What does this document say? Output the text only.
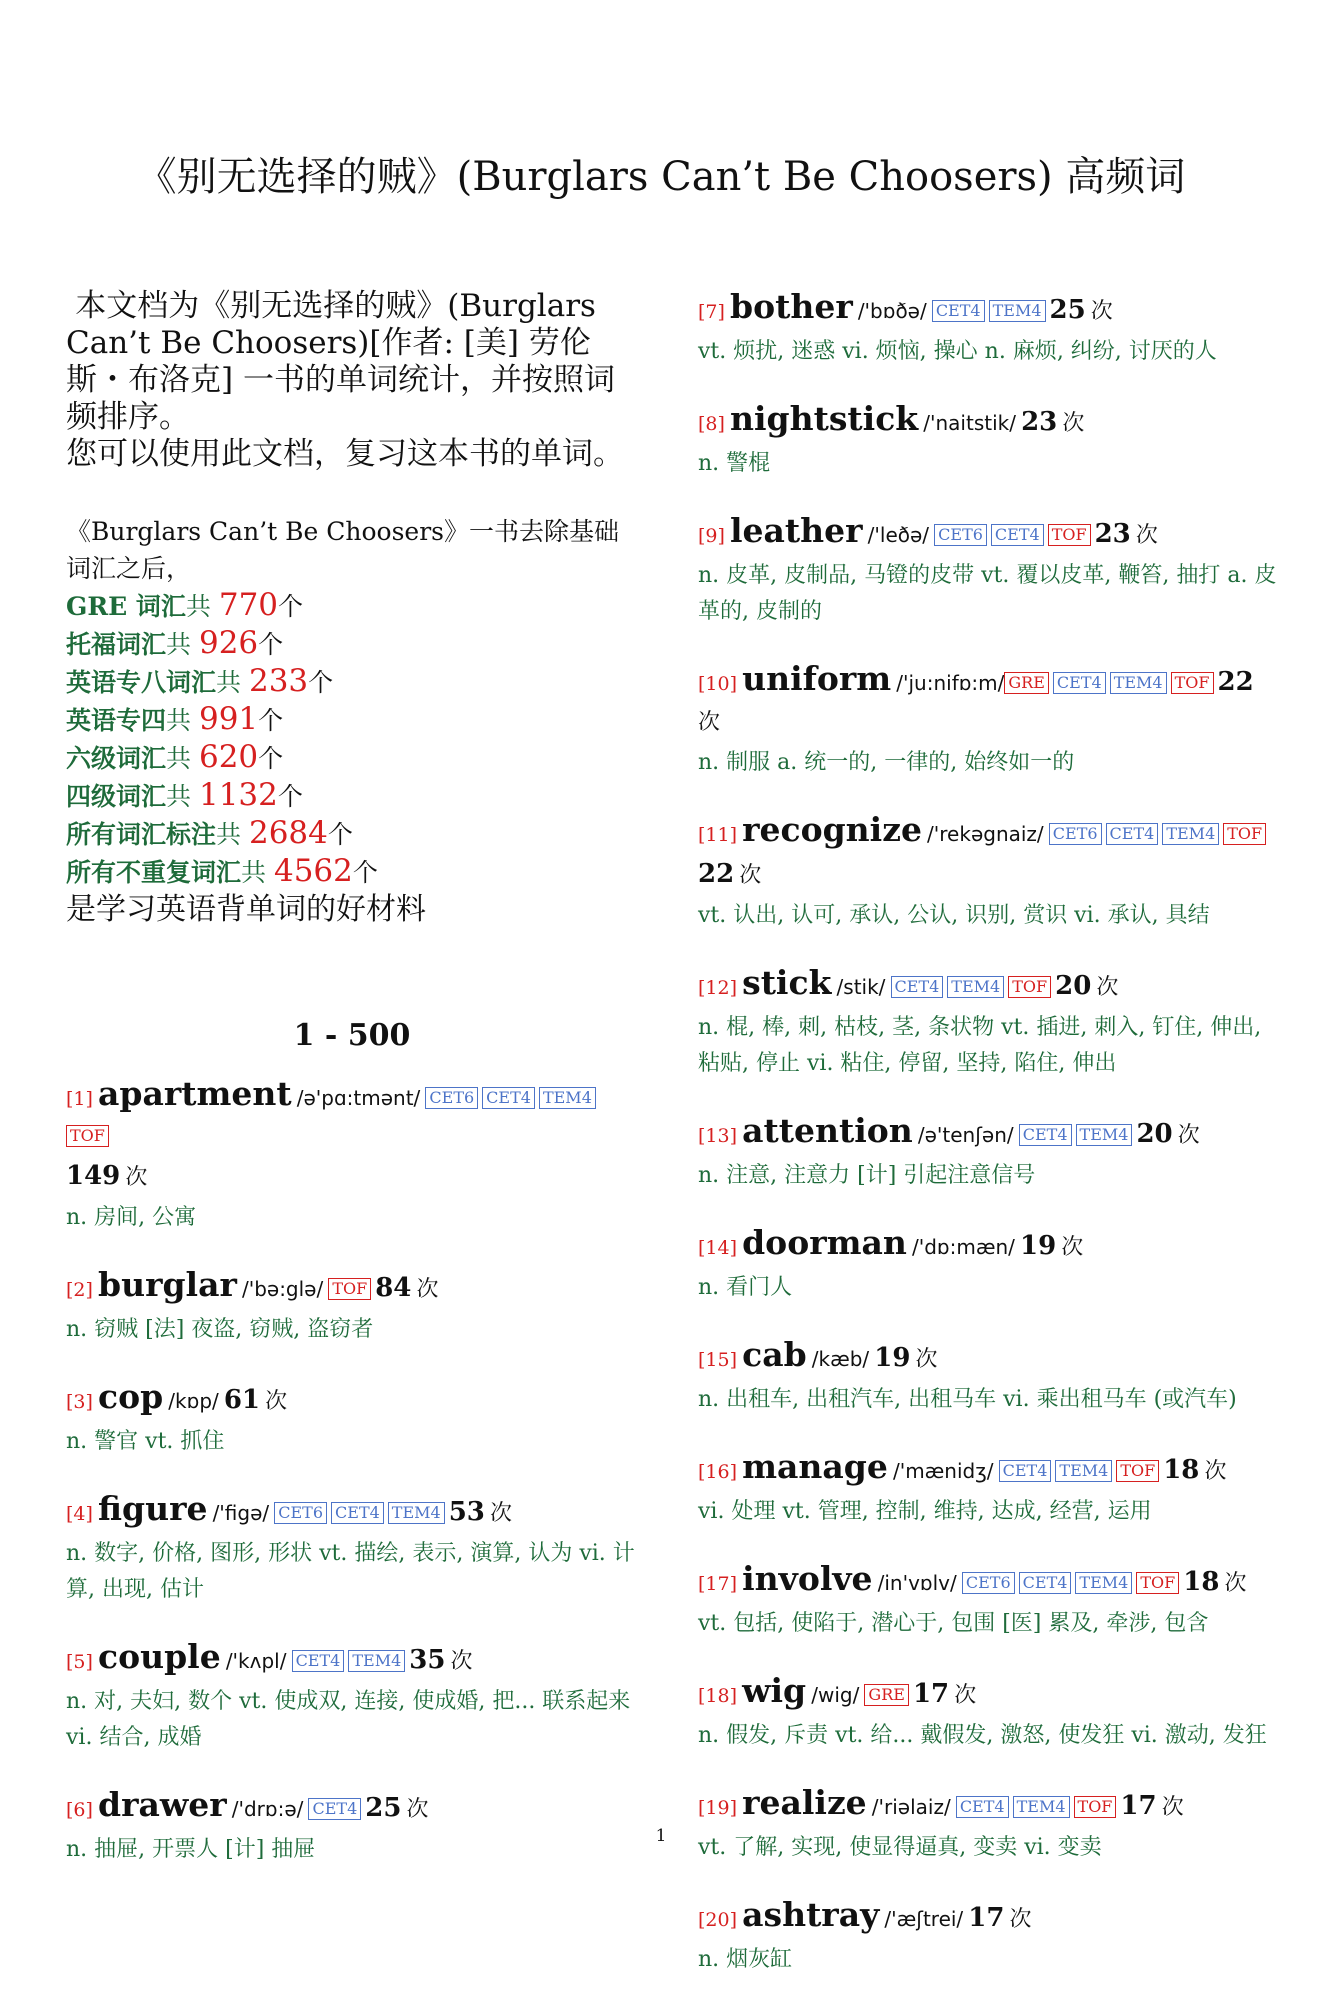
《别无选择的贼》(Burglars Can’t Be Choosers) 高频词

本文档为《别无选择的贼》(Burglars Can’t Be Choosers)[作者: [美] 劳伦斯・布洛克] 一书的单词统计，并按照词频排序。

您可以使用此文档，复习这本书的单词。

《Burglars Can’t Be Choosers》一书去除基础词汇之后，
GRE 词汇共 770个
托福词汇共 926个
英语专八词汇共 233个
英语专四共 991个
六级词汇共 620个
四级词汇共 1132个
所有词汇标注共 2684个
所有不重复词汇共 4562个
是学习英语背单词的好材料
1 - 500
[1] apartment /ə'pɑ:tmənt/ CET6 CET4 TEM4TOF
149 次
n. 房间, 公寓
[2] burglar /'bə:glə/ TOF 84 次
n. 窃贼 [法] 夜盗, 窃贼, 盗窃者
[3] cop /kɒp/ 61 次
n. 警官 vt. 抓住
[4] figure /'figə/ CET6 CET4 TEM4 53 次
n. 数字, 价格, 图形, 形状 vt. 描绘, 表示, 演算, 认为 vi. 计算, 出现, 估计
[5] couple /'kʌpl/ CET4 TEM4 35 次
n. 对, 夫妇, 数个 vt. 使成双, 连接, 使成婚, 把... 联系起来 vi. 结合, 成婚
[6] drawer /'drɒ:ə/ CET4 25 次
n. 抽屉, 开票人 [计] 抽屉
[7] bother /'bɒðə/ CET4 TEM4 25 次
vt. 烦扰, 迷惑 vi. 烦恼, 操心 n. 麻烦, 纠纷, 讨厌的人
[8] nightstick /'naitstik/ 23 次
n. 警棍
[9] leather /'leðə/ CET6 CET4 TOF 23 次
n. 皮革, 皮制品, 马镫的皮带 vt. 覆以皮革, 鞭笞, 抽打 a. 皮革的, 皮制的
[10] uniform /'ju:nifɒ:m/ GRE CET4 TEM4 TOF 22 次
n. 制服 a. 统一的, 一律的, 始终如一的
[11] recognize /'rekəgnaiz/ CET6 CET4 TEM4 TOF
22 次
vt. 认出, 认可, 承认, 公认, 识别, 赏识 vi. 承认, 具结
[12] stick /stik/ CET4 TEM4 TOF 20 次
n. 棍, 棒, 刺, 枯枝, 茎, 条状物 vt. 插进, 刺入, 钉住, 伸出, 粘贴, 停止 vi. 粘住, 停留, 坚持, 陷住, 伸出
[13] attention /ə'tenʃən/ CET4 TEM4 20 次
n. 注意, 注意力 [计] 引起注意信号
[14] doorman /'dɒ:mæn/ 19 次
n. 看门人
[15] cab /kæb/ 19 次
n. 出租车, 出租汽车, 出租马车 vi. 乘出租马车 (或汽车)
[16] manage /'mænidʒ/ CET4 TEM4 TOF 18 次
vi. 处理 vt. 管理, 控制, 维持, 达成, 经营, 运用
[17] involve /in'vɒlv/ CET6 CET4 TEM4 TOF 18 次
vt. 包括, 使陷于, 潜心于, 包围 [医] 累及, 牵涉, 包含
[18] wig /wig/ GRE 17 次
n. 假发, 斥责 vt. 给... 戴假发, 激怒, 使发狂 vi. 激动, 发狂
[19] realize /'riəlaiz/ CET4 TEM4 TOF 17 次
vt. 了解, 实现, 使显得逼真, 变卖 vi. 变卖
[20] ashtray /'æʃtrei/ 17 次
n. 烟灰缸
1
